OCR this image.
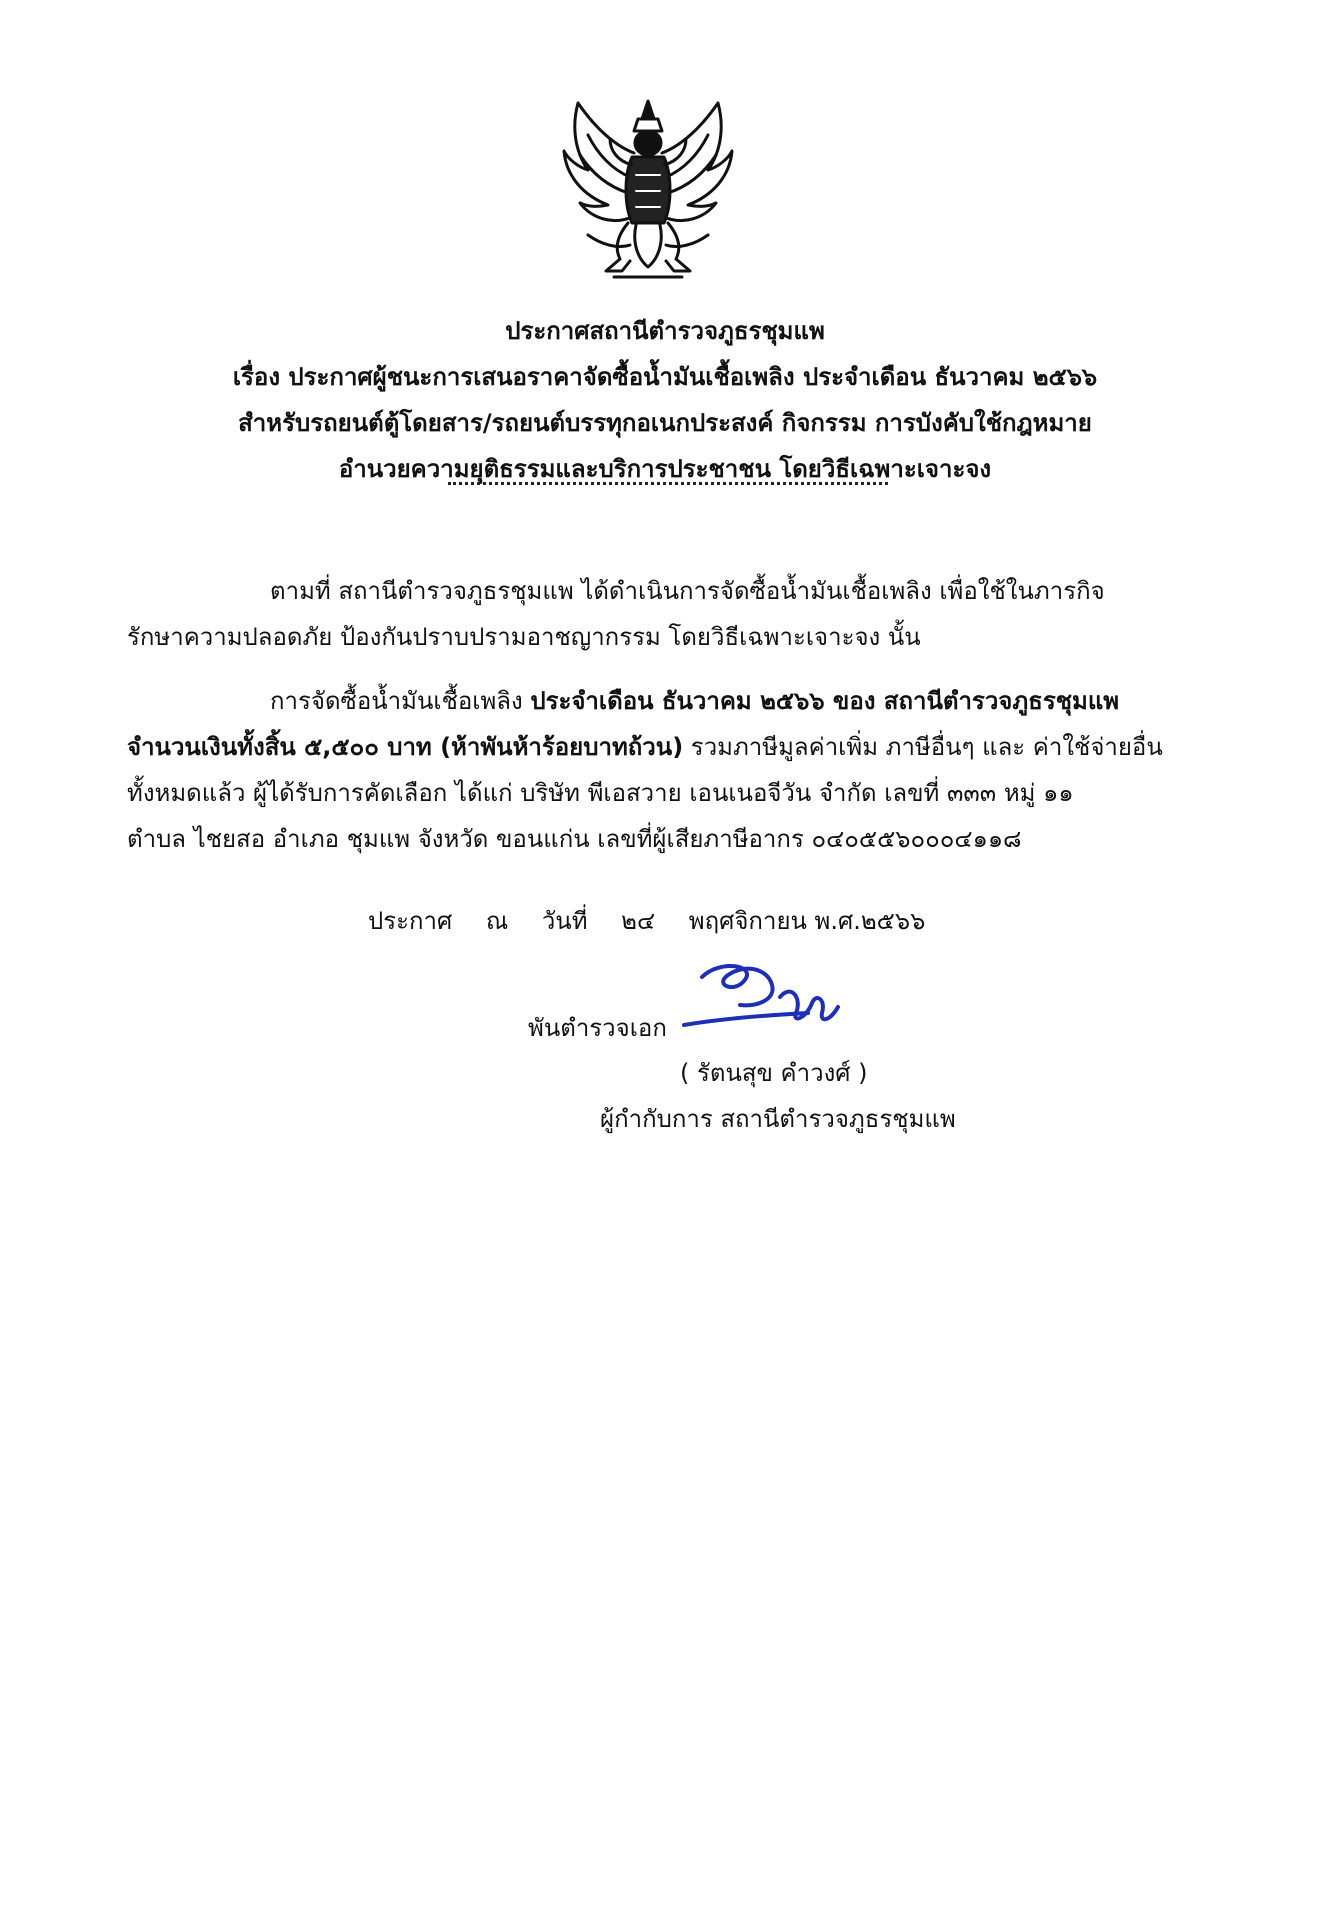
ประกาศสถานีตำรวจภูธรชุมแพ
เรื่อง ประกาศผู้ชนะการเสนอราคาจัดซื้อน้ำมันเชื้อเพลิง ประจำเดือน ธันวาคม ๒๕๖๖
สำหรับรถยนต์ตู้โดยสาร/รถยนต์บรรทุกอเนกประสงค์ กิจกรรม การบังคับใช้กฎหมาย
อำนวยความยุติธรรมและบริการประชาชน โดยวิธีเฉพาะเจาะจง
ตามที่ สถานีตำรวจภูธรชุมแพ ได้ดำเนินการจัดซื้อน้ำมันเชื้อเพลิง เพื่อใช้ในภารกิจ
รักษาความปลอดภัย ป้องกันปราบปรามอาชญากรรม โดยวิธีเฉพาะเจาะจง นั้น
การจัดซื้อน้ำมันเชื้อเพลิง ประจำเดือน ธันวาคม ๒๕๖๖ ของ สถานีตำรวจภูธรชุมแพ
จำนวนเงินทั้งสิ้น ๕,๕๐๐ บาท (ห้าพันห้าร้อยบาทถ้วน) รวมภาษีมูลค่าเพิ่ม ภาษีอื่นๆ และ ค่าใช้จ่ายอื่น
ทั้งหมดแล้ว ผู้ได้รับการคัดเลือก ได้แก่ บริษัท พีเอสวาย เอนเนอจีวัน จำกัด เลขที่ ๓๓๓ หมู่ ๑๑
ตำบล ไชยสอ อำเภอ ชุมแพ จังหวัด ขอนแก่น เลขที่ผู้เสียภาษีอากร ๐๔๐๕๕๖๐๐๐๔๑๑๘
ประกาศ ณ วันที่ ๒๔ พฤศจิกายน พ.ศ.๒๕๖๖
พันตำรวจเอก
( รัตนสุข คำวงศ์ )
ผู้กำกับการ สถานีตำรวจภูธรชุมแพ
